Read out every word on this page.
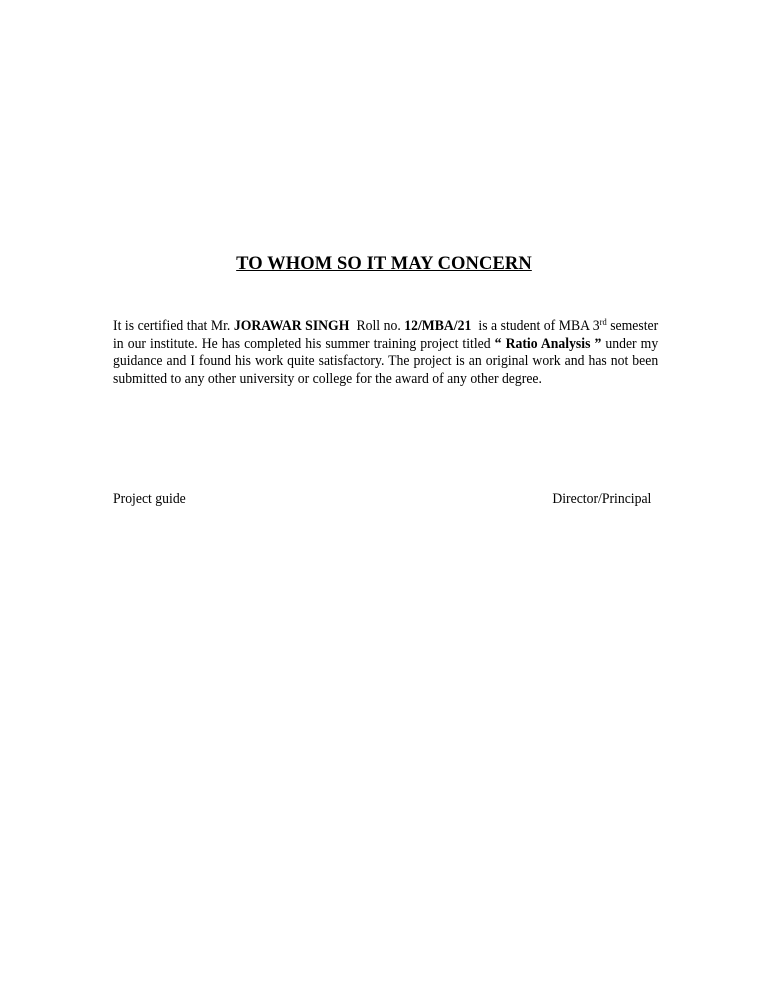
TO WHOM SO IT MAY CONCERN
It is certified that Mr. JORAWAR SINGH  Roll no. 12/MBA/21  is a student of MBA 3rd semester in our institute. He has completed his summer training project titled “ Ratio Analysis ” under my guidance and I found his work quite satisfactory. The project is an original work and has not been submitted to any other university or college for the award of any other degree.
Project guide	Director/Principal
